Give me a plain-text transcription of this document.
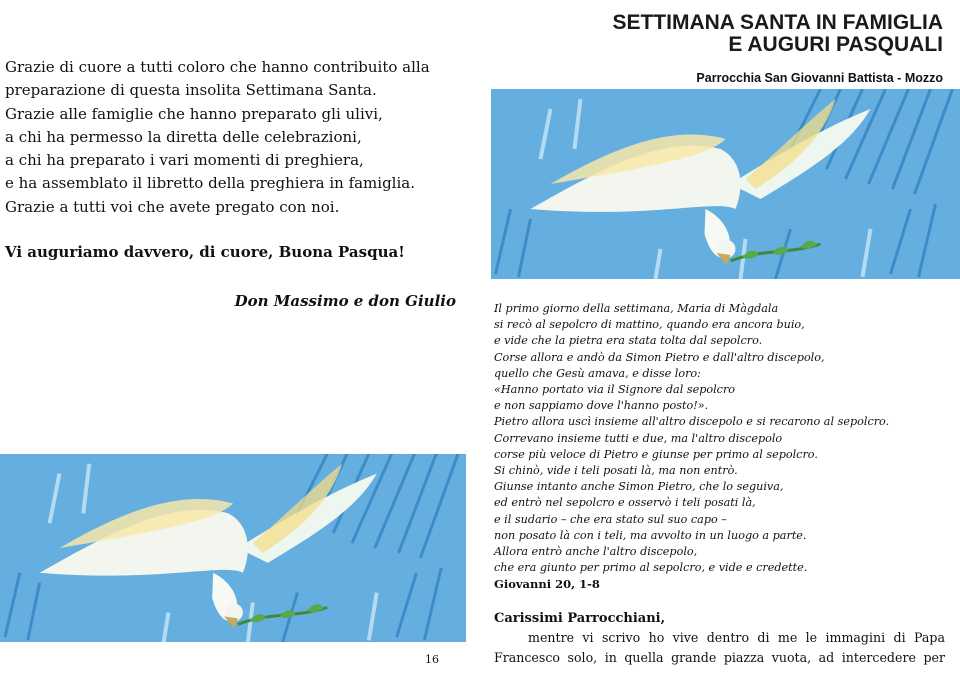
Grazie di cuore a tutti coloro che hanno contribuito alla

preparazione di questa insolita Settimana Santa.

Grazie alle famiglie che hanno preparato gli ulivi,

a chi ha permesso la diretta delle celebrazioni,

a chi ha preparato i vari momenti di preghiera,

e ha assemblato il libretto della preghiera in famiglia.

Grazie a tutti voi che avete pregato con noi.

Vi auguriamo davvero, di cuore, Buona Pasqua!
Don Massimo e don Giulio
16
SETTIMANA SANTA IN FAMIGLIA
E AUGURI PASQUALI
Parrocchia San Giovanni Battista - Mozzo

Il primo giorno della settimana, Maria di Màgdala

si recò al sepolcro di mattino, quando era ancora buio,

e vide che la pietra era stata tolta dal sepolcro.

Corse allora e andò da Simon Pietro e dall'altro discepolo,

quello che Gesù amava, e disse loro:

«Hanno portato via il Signore dal sepolcro

e non sappiamo dove l'hanno posto!».

Pietro allora uscì insieme all'altro discepolo e si recarono al sepolcro.

Correvano insieme tutti e due, ma l'altro discepolo

corse più veloce di Pietro e giunse per primo al sepolcro.

Si chinò, vide i teli posati là, ma non entrò.

Giunse intanto anche Simon Pietro, che lo seguiva,

ed entrò nel sepolcro e osservò i teli posati là,

e il sudario – che era stato sul suo capo –

non posato là con i teli, ma avvolto in un luogo a parte.

Allora entrò anche l'altro discepolo,

che era giunto per primo al sepolcro, e vide e credette.

Giovanni 20, 1-8
Carissimi Parrocchiani,

mentre vi scrivo ho vive dentro di me le immagini di Papa

Francesco solo, in quella grande piazza vuota, ad intercedere per
